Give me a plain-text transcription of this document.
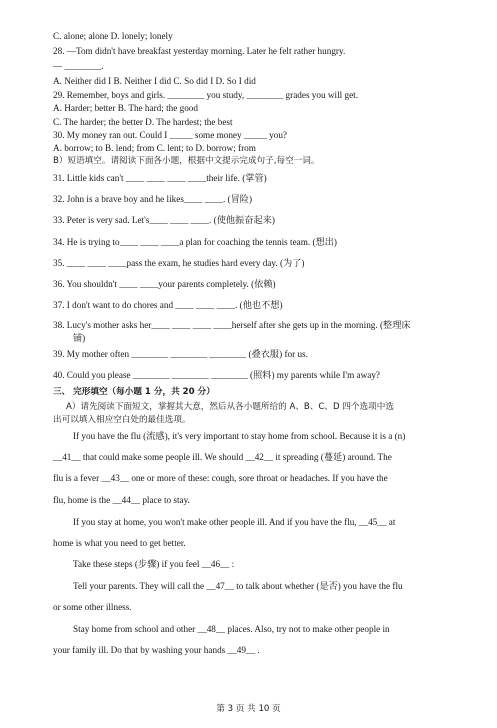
C. alone; alone D. lonely; lonely
28. —Tom didn't have breakfast yesterday morning. Later he felt rather hungry.
— ________.
A. Neither did I B. Neither I did C. So did I D. So I did
29. Remember, boys and girls. ________ you study, ________ grades you will get.
A. Harder; better B. The hard; the good
C. The harder; the better D. The hardest; the best
30. My money ran out. Could I _____ some money _____ you?
A. borrow; to B. lend; from C. lent; to D. borrow; from
B）短语填空。请阅读下面各小题，根据中文提示完成句子,每空一词。
31. Little kids can't ____ ____ ____ ____their life. (掌管)
32. John is a brave boy and he likes____ ____. (冒险)
33. Peter is very sad. Let's____ ____ ____. (使他振奋起来)
34. He is trying to____ ____ ____a plan for coaching the tennis team. (想出)
35. ____ ____ ____pass the exam, he studies hard every day. (为了)
36. You shouldn't ____ ____your parents completely. (依赖)
37. I don't want to do chores and ____ ____ ____. (他也不想)
38. Lucy's mother asks her____ ____ ____ ____herself after she gets up in the morning. (整理床
铺)
39. My mother often ________ ________ ________ (叠衣服) for us.
40. Could you please ________ ________ ________ (照料) my parents while I'm away?
三、 完形填空（每小题 1 分，共 20 分）
A）请先阅读下面短文，掌握其大意，然后从各小题所给的 A、B、C、D 四个选项中选
出可以填入相应空白处的最佳选项。
If you have the flu (流感), it's very important to stay home from school. Because it is a (n)
__41__ that could make some people ill. We should __42__ it spreading (蔓延) around. The
flu is a fever __43__ one or more of these: cough, sore throat or headaches. If you have the
flu, home is the __44__ place to stay.
If you stay at home, you won't make other people ill. And if you have the flu, __45__ at
home is what you need to get better.
Take these steps (步骤) if you feel __46__ :
Tell your parents. They will call the __47__ to talk about whether (是否) you have the flu
or some other illness.
Stay home from school and other __48__ places. Also, try not to make other people in
your family ill. Do that by washing your hands __49__ .
第 3 页 共 10 页
